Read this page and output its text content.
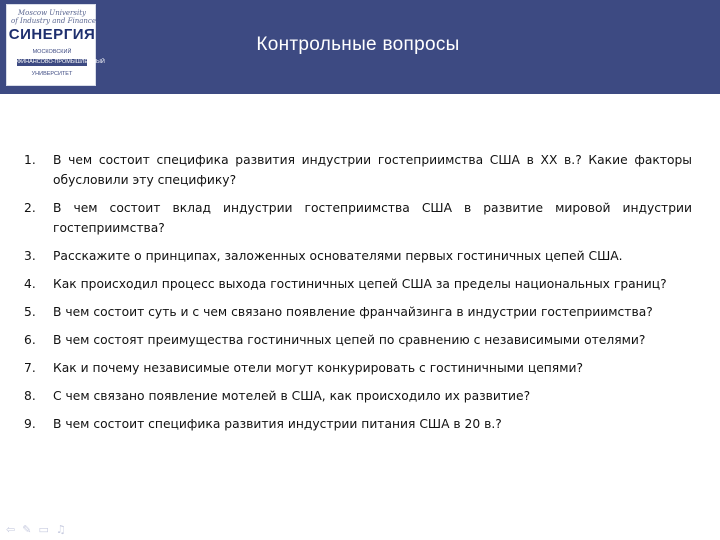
Moscow University
of Industry and Finance
СИНЕРГИЯ
МОСКОВСКИЙ
ФИНАНСОВО-ПРОМЫШЛЕННЫЙ
УНИВЕРСИТЕТ
Контрольные вопросы
1. В чем состоит специфика развития индустрии гостеприимства США в XX в.? Какие факторы обусловили эту специфику?
2. В чем состоит вклад индустрии гостеприимства США в развитие мировой индустрии гостеприимства?
3. Расскажите о принципах, заложенных основателями первых гостиничных цепей США.
4. Как происходил процесс выхода гостиничных цепей США за пределы национальных границ?
5. В чем состоит суть и с чем связано появление франчайзинга в индустрии гостеприимства?
6. В чем состоят преимущества гостиничных цепей по сравнению с независимыми отелями?
7. Как и почему независимые отели могут конкурировать с гостиничными цепями?
8. С чем связано появление мотелей в США, как происходило их развитие?
9. В чем состоит специфика развития индустрии питания США в 20 в.?
⇦ ✎ ▭ ♫
